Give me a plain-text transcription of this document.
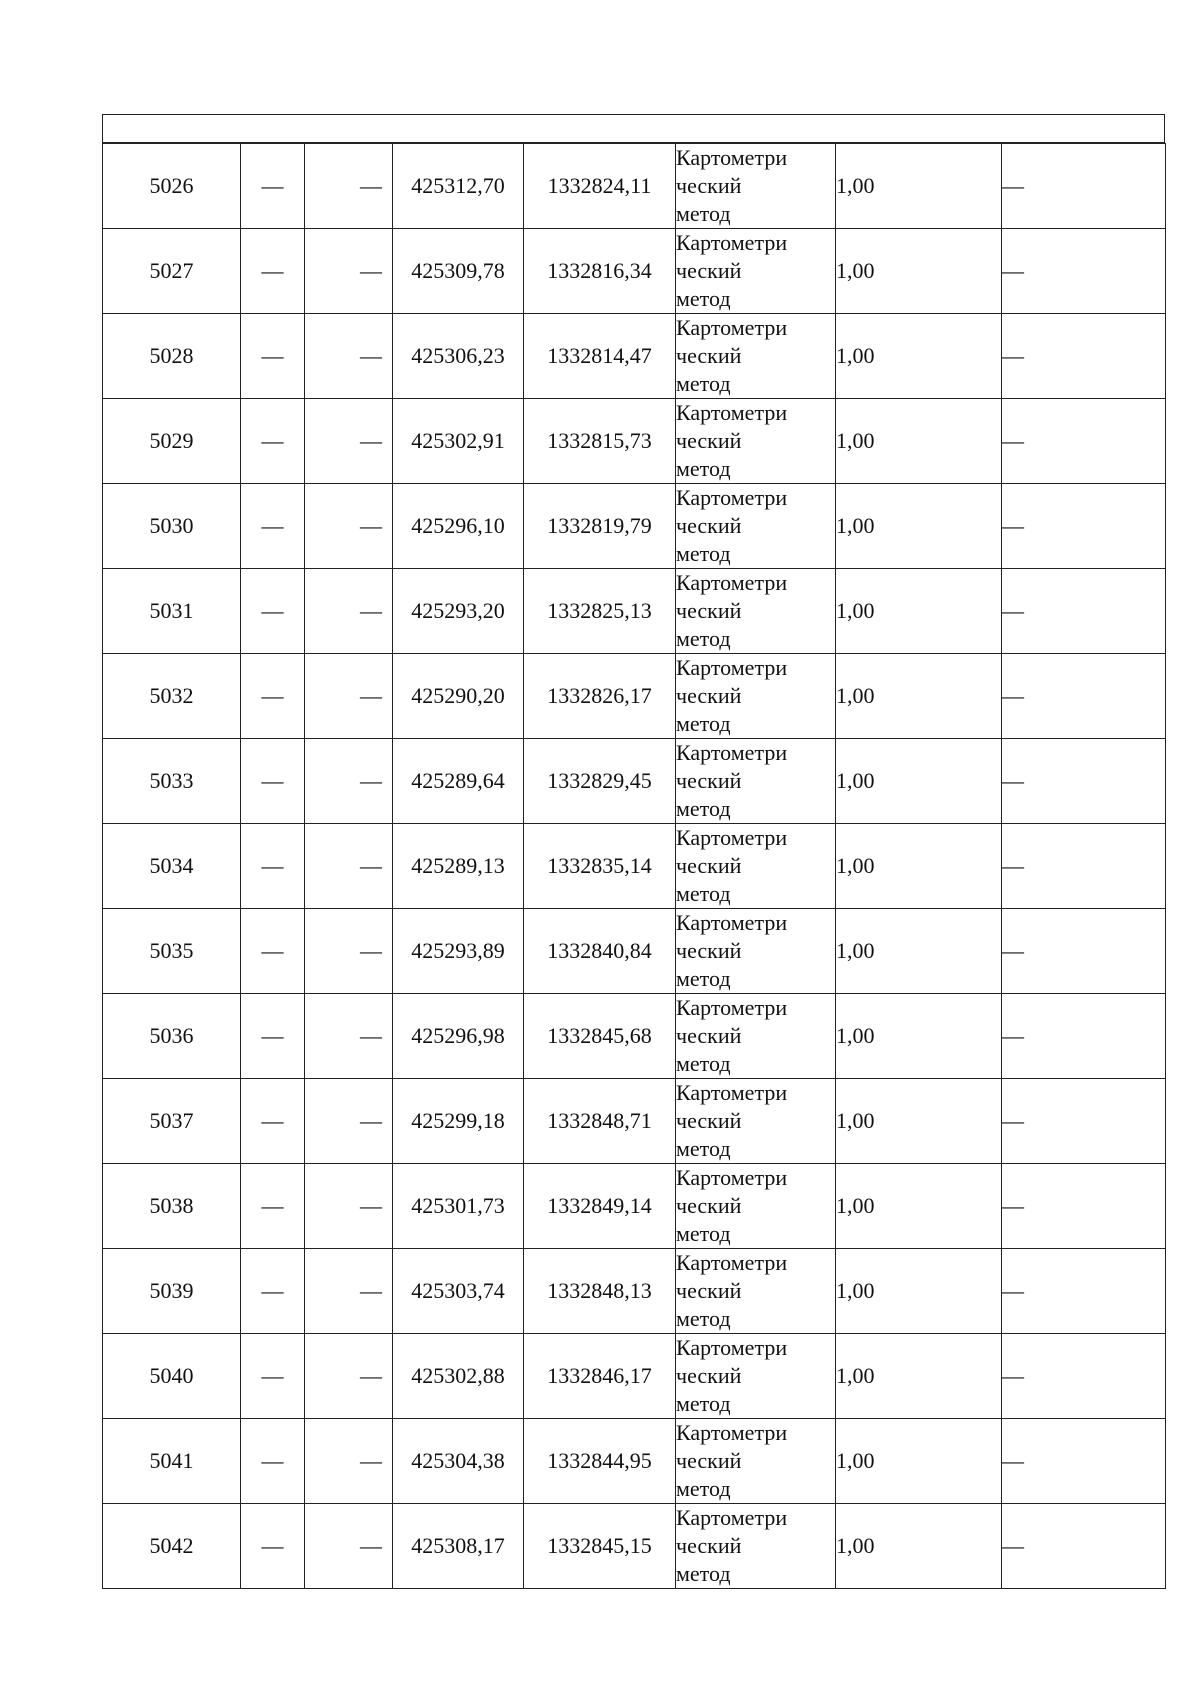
5026	—	—	425312,70	1332824,11	Картометри
ческий
метод	1,00	—
5027	—	—	425309,78	1332816,34	Картометри
ческий
метод	1,00	—
5028	—	—	425306,23	1332814,47	Картометри
ческий
метод	1,00	—
5029	—	—	425302,91	1332815,73	Картометри
ческий
метод	1,00	—
5030	—	—	425296,10	1332819,79	Картометри
ческий
метод	1,00	—
5031	—	—	425293,20	1332825,13	Картометри
ческий
метод	1,00	—
5032	—	—	425290,20	1332826,17	Картометри
ческий
метод	1,00	—
5033	—	—	425289,64	1332829,45	Картометри
ческий
метод	1,00	—
5034	—	—	425289,13	1332835,14	Картометри
ческий
метод	1,00	—
5035	—	—	425293,89	1332840,84	Картометри
ческий
метод	1,00	—
5036	—	—	425296,98	1332845,68	Картометри
ческий
метод	1,00	—
5037	—	—	425299,18	1332848,71	Картометри
ческий
метод	1,00	—
5038	—	—	425301,73	1332849,14	Картометри
ческий
метод	1,00	—
5039	—	—	425303,74	1332848,13	Картометри
ческий
метод	1,00	—
5040	—	—	425302,88	1332846,17	Картометри
ческий
метод	1,00	—
5041	—	—	425304,38	1332844,95	Картометри
ческий
метод	1,00	—
5042	—	—	425308,17	1332845,15	Картометри
ческий
метод	1,00	—
